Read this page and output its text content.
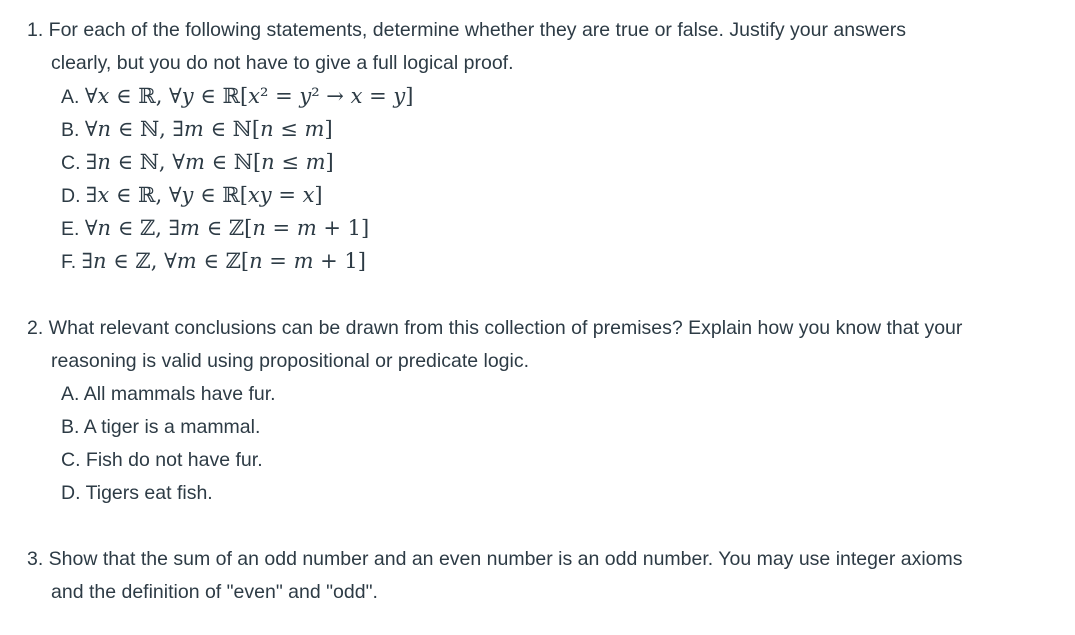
1. For each of the following statements, determine whether they are true or false. Justify your answers
clearly, but you do not have to give a full logical proof.
A. ∀𝑥 ∈ ℝ, ∀𝑦 ∈ ℝ[𝑥² = 𝑦² → 𝑥 = 𝑦]
B. ∀𝑛 ∈ ℕ, ∃𝑚 ∈ ℕ[𝑛 ≤ 𝑚]
C. ∃𝑛 ∈ ℕ, ∀𝑚 ∈ ℕ[𝑛 ≤ 𝑚]
D. ∃𝑥 ∈ ℝ, ∀𝑦 ∈ ℝ[𝑥𝑦 = 𝑥]
E. ∀𝑛 ∈ ℤ, ∃𝑚 ∈ ℤ[𝑛 = 𝑚 + 1]
F. ∃𝑛 ∈ ℤ, ∀𝑚 ∈ ℤ[𝑛 = 𝑚 + 1]
2. What relevant conclusions can be drawn from this collection of premises? Explain how you know that your
reasoning is valid using propositional or predicate logic.
A. All mammals have fur.
B. A tiger is a mammal.
C. Fish do not have fur.
D. Tigers eat fish.
3. Show that the sum of an odd number and an even number is an odd number. You may use integer axioms
and the definition of "even" and "odd".
